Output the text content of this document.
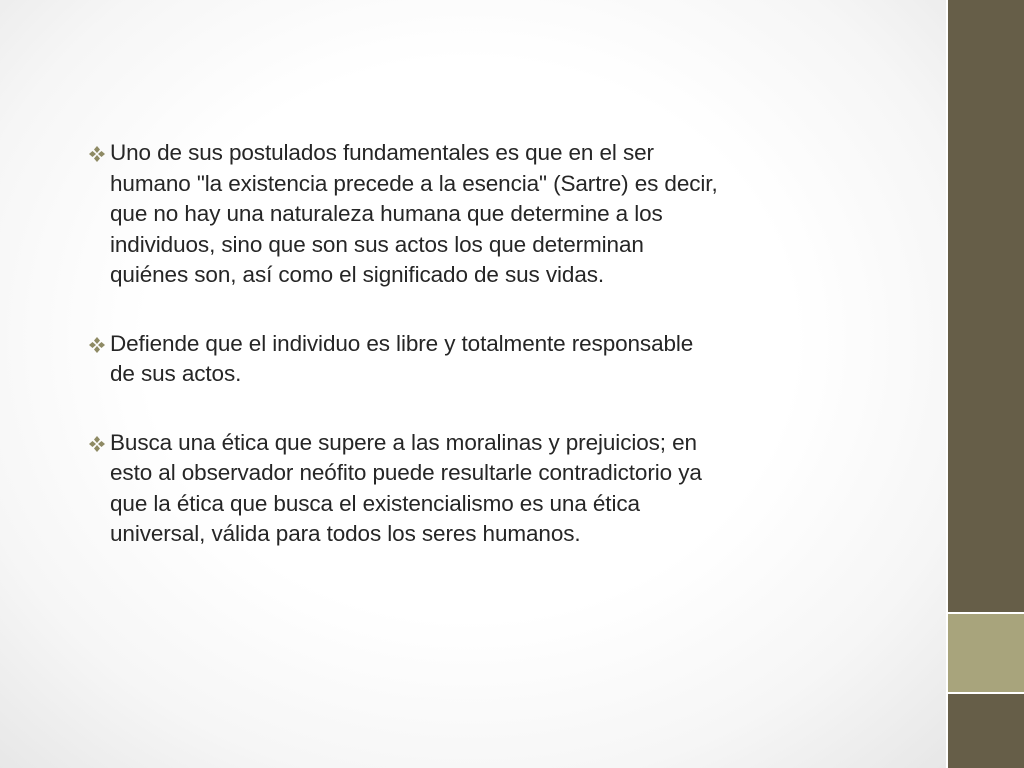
Uno de sus postulados fundamentales es que en el ser
humano "la existencia precede a la esencia" (Sartre) es decir,
que no hay una naturaleza humana que determine a los
individuos, sino que son sus actos los que determinan
quiénes son, así como el significado de sus vidas.
Defiende que el individuo es libre y totalmente responsable
de sus actos.
Busca una ética que supere a las moralinas y prejuicios; en
esto al observador neófito puede resultarle contradictorio ya
que la ética que busca el existencialismo es una ética
universal, válida para todos los seres humanos.
